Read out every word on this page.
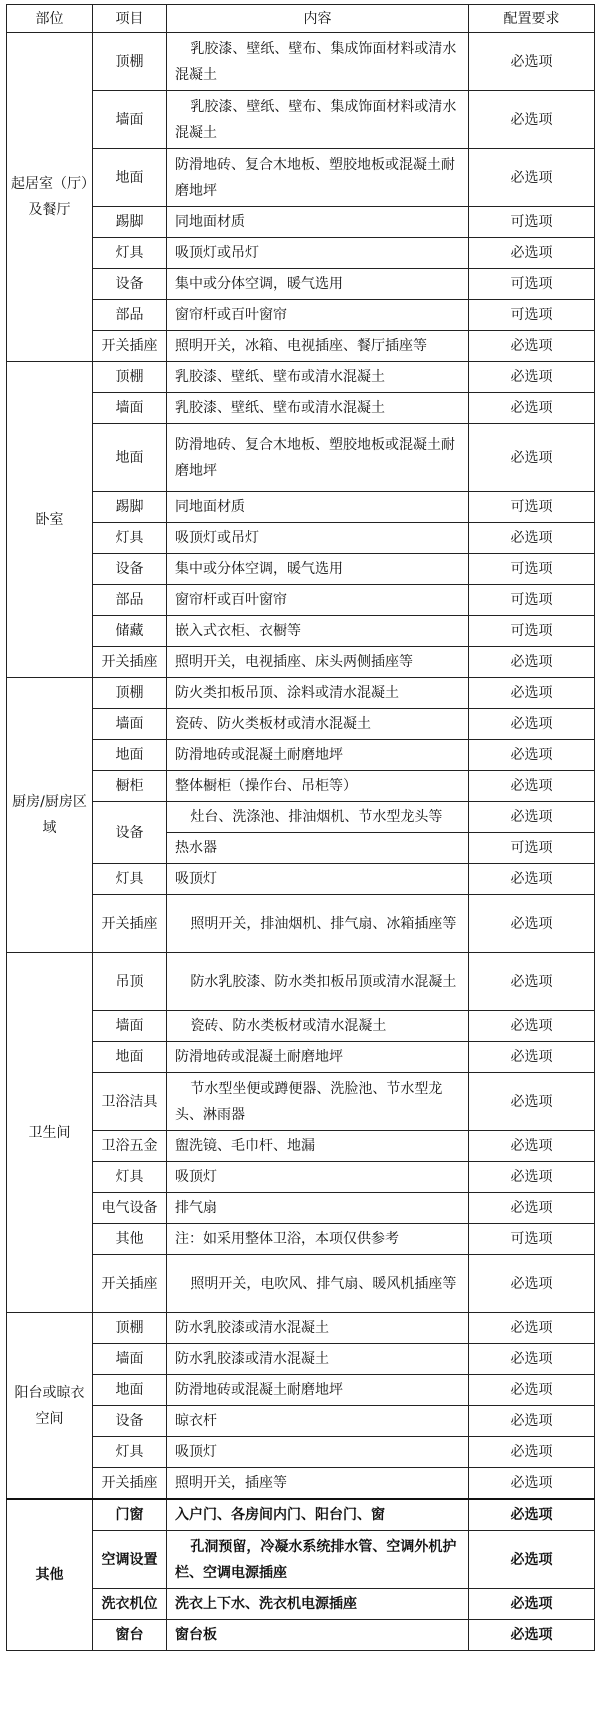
部位	项目	内容	配置要求
起居室（厅）及餐厅	顶棚	乳胶漆、壁纸、壁布、集成饰面材料或清水混凝土	必选项
	墙面	乳胶漆、壁纸、壁布、集成饰面材料或清水混凝土	必选项
	地面	防滑地砖、复合木地板、塑胶地板或混凝土耐磨地坪	必选项
	踢脚	同地面材质	可选项
	灯具	吸顶灯或吊灯	必选项
	设备	集中或分体空调，暖气选用	可选项
	部品	窗帘杆或百叶窗帘	可选项
	开关插座	照明开关，冰箱、电视插座、餐厅插座等	必选项
卧室	顶棚	乳胶漆、壁纸、壁布或清水混凝土	必选项
	墙面	乳胶漆、壁纸、壁布或清水混凝土	必选项
	地面	防滑地砖、复合木地板、塑胶地板或混凝土耐磨地坪	必选项
	踢脚	同地面材质	可选项
	灯具	吸顶灯或吊灯	必选项
	设备	集中或分体空调，暖气选用	可选项
	部品	窗帘杆或百叶窗帘	可选项
	储藏	嵌入式衣柜、衣橱等	可选项
	开关插座	照明开关，电视插座、床头两侧插座等	必选项
厨房/厨房区域	顶棚	防火类扣板吊顶、涂料或清水混凝土	必选项
	墙面	瓷砖、防火类板材或清水混凝土	必选项
	地面	防滑地砖或混凝土耐磨地坪	必选项
	橱柜	整体橱柜（操作台、吊柜等）	必选项
	设备	灶台、洗涤池、排油烟机、节水型龙头等	必选项
		热水器	可选项
	灯具	吸顶灯	必选项
	开关插座	照明开关，排油烟机、排气扇、冰箱插座等	必选项
卫生间	吊顶	防水乳胶漆、防水类扣板吊顶或清水混凝土	必选项
	墙面	瓷砖、防水类板材或清水混凝土	必选项
	地面	防滑地砖或混凝土耐磨地坪	必选项
	卫浴洁具	节水型坐便或蹲便器、洗脸池、节水型龙头、淋雨器	必选项
	卫浴五金	盥洗镜、毛巾杆、地漏	必选项
	灯具	吸顶灯	必选项
	电气设备	排气扇	必选项
	其他	注：如采用整体卫浴，本项仅供参考	可选项
	开关插座	照明开关，电吹风、排气扇、暖风机插座等	必选项
阳台或晾衣空间	顶棚	防水乳胶漆或清水混凝土	必选项
	墙面	防水乳胶漆或清水混凝土	必选项
	地面	防滑地砖或混凝土耐磨地坪	必选项
	设备	晾衣杆	必选项
	灯具	吸顶灯	必选项
	开关插座	照明开关，插座等	必选项
其他	门窗	入户门、各房间内门、阳台门、窗	必选项
	空调设置	孔洞预留，冷凝水系统排水管、空调外机护栏、空调电源插座	必选项
	洗衣机位	洗衣上下水、洗衣机电源插座	必选项
	窗台	窗台板	必选项
